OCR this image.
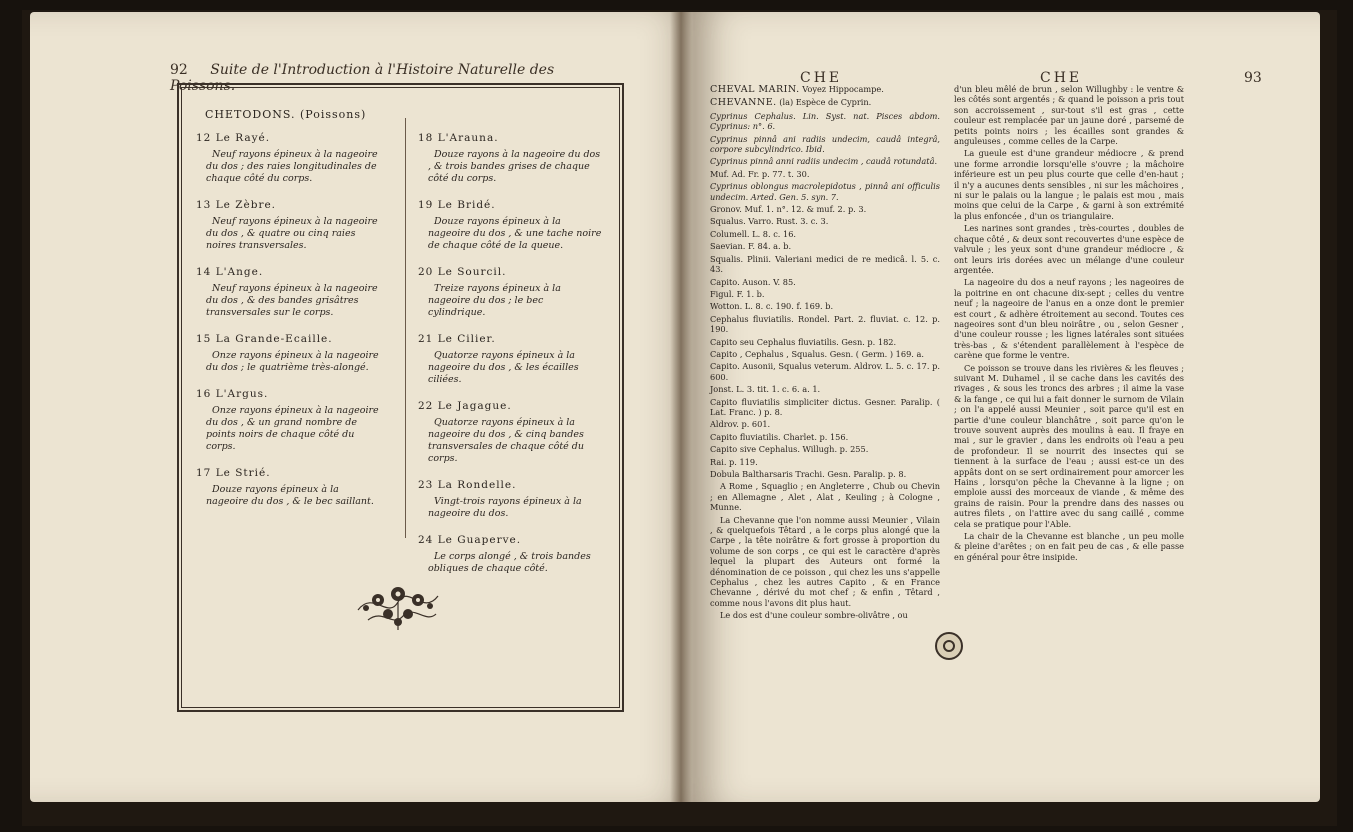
92 Suite de l'Introduction à l'Histoire Naturelle des Poissons.
CHETODONS. (Poissons)
12 Le Rayé.
Neuf rayons épineux à la nageoire du dos ; des raies longitudinales de chaque côté du corps.
13 Le Zèbre.
Neuf rayons épineux à la nageoire du dos , & quatre ou cinq raies noires transversales.
14 L'Ange.
Neuf rayons épineux à la nageoire du dos , & des bandes grisâtres transversales sur le corps.
15 La Grande-Ecaille.
Onze rayons épineux à la nageoire du dos ; le quatrième très-alongé.
16 L'Argus.
Onze rayons épineux à la nageoire du dos , & un grand nombre de points noirs de chaque côté du corps.
17 Le Strié.
Douze rayons épineux à la nageoire du dos , & le bec saillant.
18 L'Arauna.
Douze rayons à la nageoire du dos , & trois bandes grises de chaque côté du corps.
19 Le Bridé.
Douze rayons épineux à la nageoire du dos , & une tache noire de chaque côté de la queue.
20 Le Sourcil.
Treize rayons épineux à la nageoire du dos ; le bec cylindrique.
21 Le Cilier.
Quatorze rayons épineux à la nageoire du dos , & les écailles ciliées.
22 Le Jagague.
Quatorze rayons épineux à la nageoire du dos , & cinq bandes transversales de chaque côté du corps.
23 La Rondelle.
Vingt-trois rayons épineux à la nageoire du dos.
24 Le Guaperve.
Le corps alongé , & trois bandes obliques de chaque côté.
CHE	CHE	93

CHEVAL MARIN. Voyez Hippocampe.

CHEVANNE. (la) Espèce de Cyprin.

Cyprinus Cephalus. Lin. Syst. nat. Pisces abdom. Cyprinus: n°. 6.

Cyprinus pinnâ ani radiis undecim, caudâ integrâ, corpore subcylindrico. Ibid.

Cyprinus pinnâ anni radiis undecim , caudâ rotundatâ.

Muf. Ad. Fr. p. 77. t. 30.

Cyprinus oblongus macrolepidotus , pinnâ ani officulis undecim. Arted. Gen. 5. syn. 7.

Gronov. Muf. 1. n°. 12. & muf. 2. p. 3.

Squalus. Varro. Rust. 3. c. 3.

Columell. L. 8. c. 16.

Saevian. F. 84. a. b.

Squalis. Plinii. Valeriani medici de re medicâ. l. 5. c. 43.

Capito. Auson. V. 85.

Figul. F. 1. b.

Wotton. L. 8. c. 190. f. 169. b.

Cephalus fluviatilis. Rondel. Part. 2. fluviat. c. 12. p. 190.

Capito seu Cephalus fluviatilis. Gesn. p. 182.

Capito , Cephalus , Squalus. Gesn. ( Germ. ) 169. a.

Capito. Ausonii, Squalus veterum. Aldrov. L. 5. c. 17. p. 600.

Jonst. L. 3. tit. 1. c. 6. a. 1.

Capito fluviatilis simpliciter dictus. Gesner. Paralip. ( Lat. Franc. ) p. 8.

Aldrov. p. 601.

Capito fluviatilis. Charlet. p. 156.

Capito sive Cephalus. Willugh. p. 255.

Rai. p. 119.

Dobula Baltharsaris Trachi. Gesn. Paralip. p. 8.

A Rome , Squaglio ; en Angleterre , Chub ou Chevin ; en Allemagne , Alet , Alat , Keuling ; à Cologne , Munne.

La Chevanne que l'on nomme aussi Meunier , Vilain , & quelquefois Têtard , a le corps plus alongé que la Carpe , la tête noirâtre & fort grosse à proportion du volume de son corps , ce qui est le caractère d'après lequel la plupart des Auteurs ont formé la dénomination de ce poisson , qui chez les uns s'appelle Cephalus , chez les autres Capito , & en France Chevanne , dérivé du mot chef ; & enfin , Têtard , comme nous l'avons dit plus haut.

Le dos est d'une couleur sombre-olivâtre , ou

d'un bleu mêlé de brun , selon Willughby : le ventre & les côtés sont argentés ; & quand le poisson a pris tout son accroissement , sur-tout s'il est gras , cette couleur est remplacée par un jaune doré , parsemé de petits points noirs ; les écailles sont grandes & anguleuses , comme celles de la Carpe.

La gueule est d'une grandeur médiocre , & prend une forme arrondie lorsqu'elle s'ouvre ; la mâchoire inférieure est un peu plus courte que celle d'en-haut ; il n'y a aucunes dents sensibles , ni sur les mâchoires , ni sur le palais ou la langue ; le palais est mou , mais moins que celui de la Carpe , & garni à son extrémité la plus enfoncée , d'un os triangulaire.

Les narines sont grandes , très-courtes , doubles de chaque côté , & deux sont recouvertes d'une espèce de valvule ; les yeux sont d'une grandeur médiocre , & ont leurs iris dorées avec un mélange d'une couleur argentée.

La nageoire du dos a neuf rayons ; les nageoires de la poitrine en ont chacune dix-sept ; celles du ventre neuf ; la nageoire de l'anus en a onze dont le premier est court , & adhère étroitement au second. Toutes ces nageoires sont d'un bleu noirâtre , ou , selon Gesner , d'une couleur rousse ; les lignes latérales sont situées très-bas , & s'étendent parallèlement à l'espèce de carène que forme le ventre.

Ce poisson se trouve dans les rivières & les fleuves ; suivant M. Duhamel , il se cache dans les cavités des rivages , & sous les troncs des arbres ; il aime la vase & la fange , ce qui lui a fait donner le surnom de Vilain ; on l'a appelé aussi Meunier , soit parce qu'il est en partie d'une couleur blanchâtre , soit parce qu'on le trouve souvent auprès des moulins à eau. Il fraye en mai , sur le gravier , dans les endroits où l'eau a peu de profondeur. Il se nourrit des insectes qui se tiennent à la surface de l'eau ; aussi est-ce un des appâts dont on se sert ordinairement pour amorcer les Hains , lorsqu'on pêche la Chevanne à la ligne ; on emploie aussi des morceaux de viande , & même des grains de raisin. Pour la prendre dans des nasses ou autres filets , on l'attire avec du sang caillé , comme cela se pratique pour l'Able.

La chair de la Chevanne est blanche , un peu molle & pleine d'arêtes ; on en fait peu de cas , & elle passe en général pour être insipide.
